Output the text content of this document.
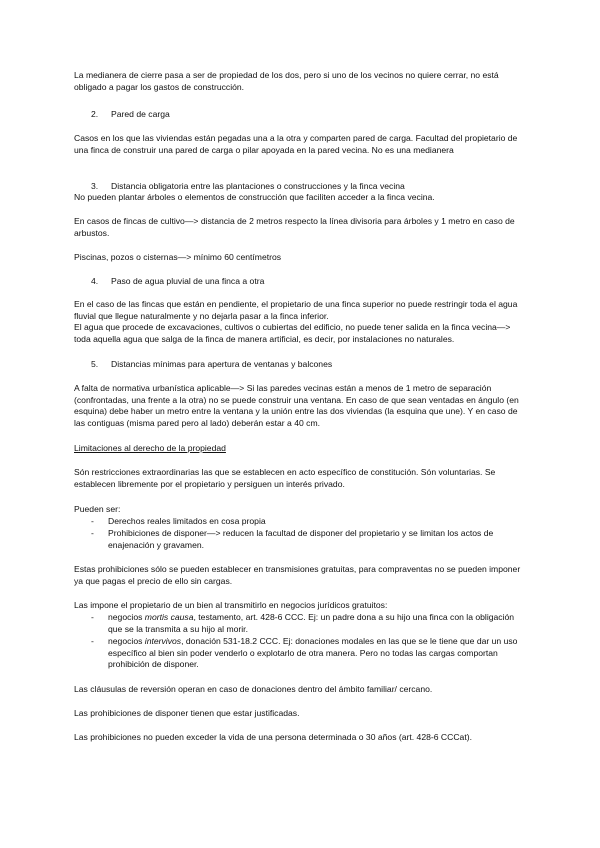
La medianera de cierre pasa a ser de propiedad de los dos, pero si uno de los vecinos no quiere cerrar, no está obligado a pagar los gastos de construcción.

2. Pared de carga

Casos en los que las viviendas están pegadas una a la otra y comparten pared de carga. Facultad del propietario de una finca de construir una pared de carga o pilar apoyada en la pared vecina. No es una medianera

3. Distancia obligatoria entre las plantaciones o construcciones y la finca vecina

No pueden plantar árboles o elementos de construcción que faciliten acceder a la finca vecina.

En casos de fincas de cultivo—> distancia de 2 metros respecto la línea divisoria para árboles y 1 metro en caso de arbustos.

Piscinas, pozos o cisternas—> mínimo 60 centímetros

4. Paso de agua pluvial de una finca a otra

En el caso de las fincas que están en pendiente, el propietario de una finca superior no puede restringir toda el agua fluvial que llegue naturalmente y no dejarla pasar a la finca inferior.

El agua que procede de excavaciones, cultivos o cubiertas del edificio, no puede tener salida en la finca vecina—> toda aquella agua que salga de la finca de manera artificial, es decir, por instalaciones no naturales.

5. Distancias mínimas para apertura de ventanas y balcones

A falta de normativa urbanística aplicable—> Si las paredes vecinas están a menos de 1 metro de separación (confrontadas, una frente a la otra) no se puede construir una ventana. En caso de que sean ventadas en ángulo (en esquina) debe haber un metro entre la ventana y la unión entre las dos viviendas (la esquina que une). Y en caso de las contiguas (misma pared pero al lado) deberán estar a 40 cm.

Limitaciones al derecho de la propiedad

Són restricciones extraordinarias las que se establecen en acto específico de constitución. Són voluntarias. Se establecen libremente por el propietario y persiguen un interés privado.

Pueden ser:

- Derechos reales limitados en cosa propia
- Prohibiciones de disponer—> reducen la facultad de disponer del propietario y se limitan los actos de enajenación y gravamen.

Estas prohibiciones sólo se pueden establecer en transmisiones gratuitas, para compraventas no se pueden imponer ya que pagas el precio de ello sin cargas.

Las impone el propietario de un bien al transmitirlo en negocios jurídicos gratuitos:

- negocios mortis causa, testamento, art. 428-6 CCC. Ej: un padre dona a su hijo una finca con la obligación que se la transmita a su hijo al morir.
- negocios intervivos, donación 531-18.2 CCC. Ej: donaciones modales en las que se le tiene que dar un uso específico al bien sin poder venderlo o explotarlo de otra manera. Pero no todas las cargas comportan prohibición de disponer.

Las cláusulas de reversión operan en caso de donaciones dentro del ámbito familiar/ cercano.

Las prohibiciones de disponer tienen que estar justificadas.

Las prohibiciones no pueden exceder la vida de una persona determinada o 30 años (art. 428-6 CCCat).
